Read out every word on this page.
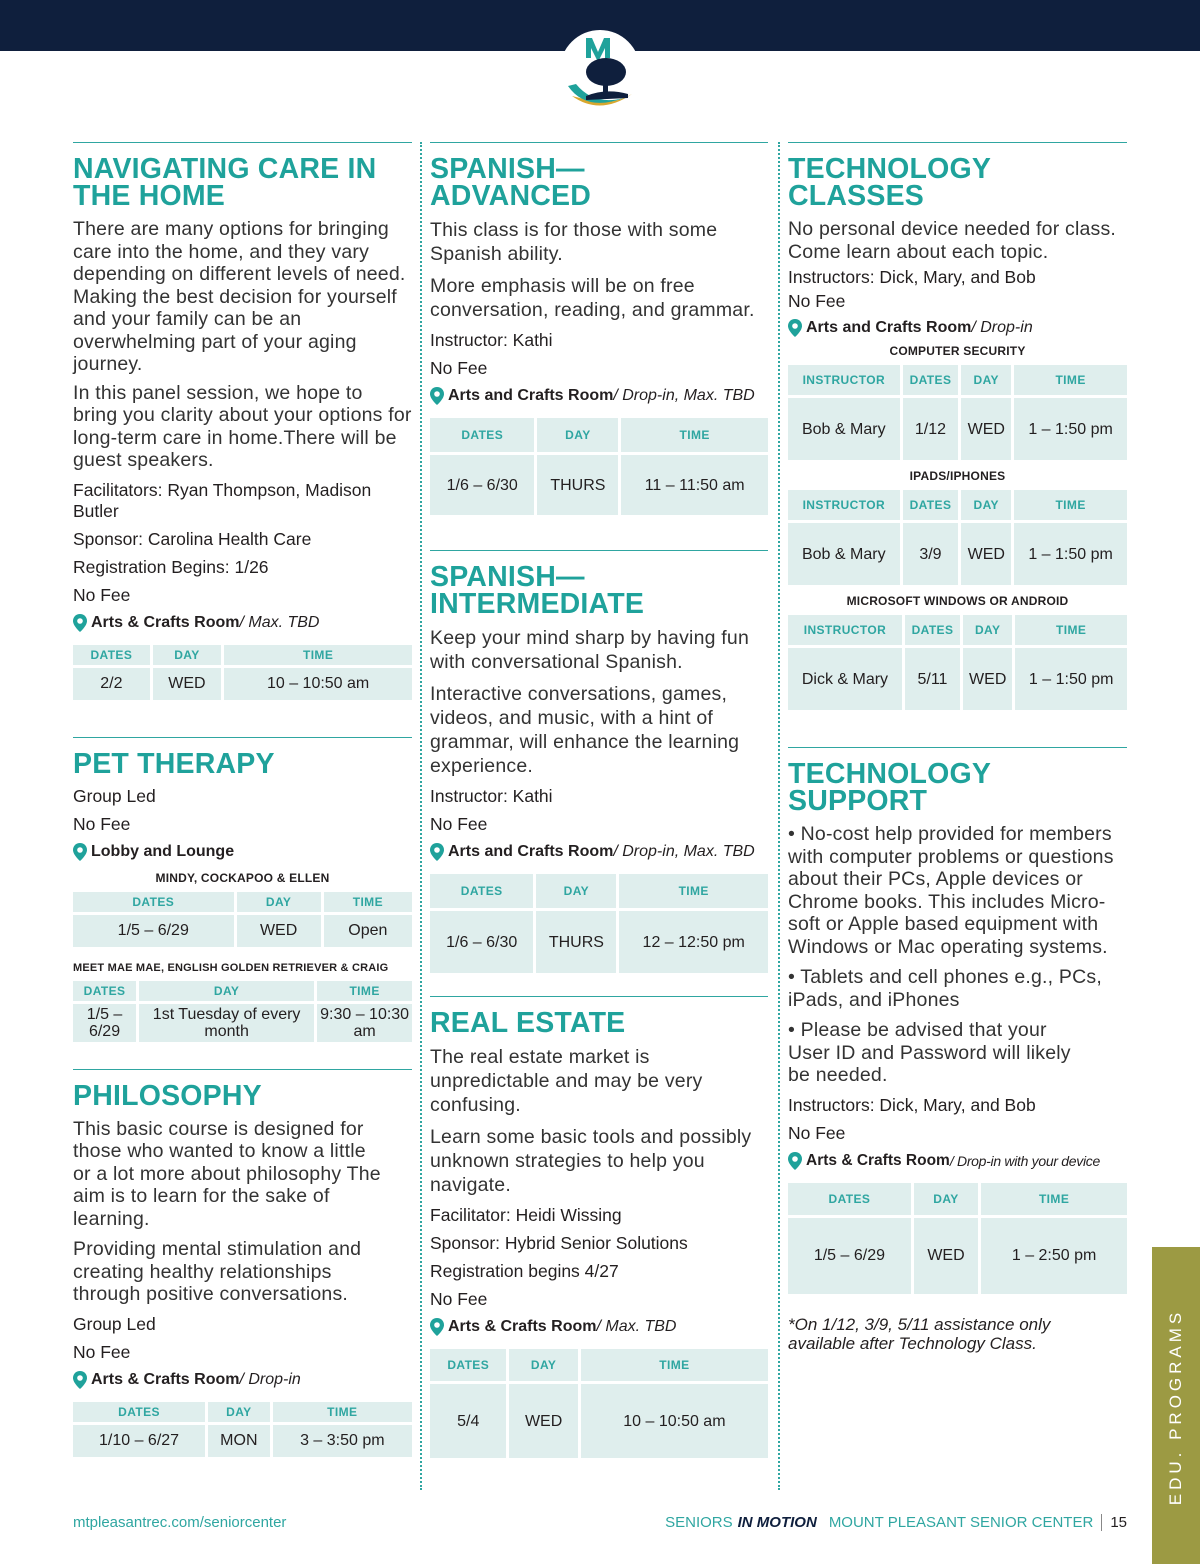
NAVIGATING CARE IN THE HOME

There are many options for bringing care into the home, and they vary depending on different levels of need. Making the best decision for yourself and your family can be an overwhelming part of your aging journey.

In this panel session, we hope to bring you clarity about your options for long-term care in home.There will be guest speakers.

Facilitators: Ryan Thompson, Madison Butler

Sponsor: Carolina Health Care

Registration Begins: 1/26

No Fee

Arts & Crafts Room / Max. TBD

DATES	DAY	TIME
2/2	WED	10 – 10:50 am
PET THERAPY

Group Led

No Fee

Lobby and Lounge

MINDY, COCKAPOO & ELLEN
DATES	DAY	TIME
1/5 – 6/29	WED	Open
MEET MAE MAE, ENGLISH GOLDEN RETRIEVER & CRAIG
DATES	DAY	TIME
1/5 – 6/29	1st Tuesday of every month	9:30 – 10:30 am
PHILOSOPHY

This basic course is designed for those who wanted to know a little or a lot more about philosophy The aim is to learn for the sake of learning.

Providing mental stimulation and creating healthy relationships through positive conversations.

Group Led

No Fee

Arts & Crafts Room / Drop-in

DATES	DAY	TIME
1/10 – 6/27	MON	3 – 3:50 pm
SPANISH— ADVANCED

This class is for those with some Spanish ability.

More emphasis will be on free conversation, reading, and grammar.

Instructor: Kathi

No Fee

Arts and Crafts Room / Drop-in, Max. TBD

DATES	DAY	TIME
1/6 – 6/30	THURS	11 – 11:50 am
SPANISH— INTERMEDIATE

Keep your mind sharp by having fun with conversational Spanish.

Interactive conversations, games, videos, and music, with a hint of grammar, will enhance the learning experience.

Instructor: Kathi

No Fee

Arts and Crafts Room / Drop-in, Max. TBD

DATES	DAY	TIME
1/6 – 6/30	THURS	12 – 12:50 pm
REAL ESTATE

The real estate market is unpredictable and may be very confusing.

Learn some basic tools and possibly unknown strategies to help you navigate.

Facilitator: Heidi Wissing

Sponsor: Hybrid Senior Solutions

Registration begins 4/27

No Fee

Arts & Crafts Room / Max. TBD

DATES	DAY	TIME
5/4	WED	10 – 10:50 am
TECHNOLOGY CLASSES

No personal device needed for class. Come learn about each topic.

Instructors: Dick, Mary, and Bob

No Fee

Arts and Crafts Room / Drop-in

COMPUTER SECURITY
INSTRUCTOR	DATES	DAY	TIME
Bob & Mary	1/12	WED	1 – 1:50 pm
IPADS/IPHONES
INSTRUCTOR	DATES	DAY	TIME
Bob & Mary	3/9	WED	1 – 1:50 pm
MICROSOFT WINDOWS OR ANDROID
INSTRUCTOR	DATES	DAY	TIME
Dick & Mary	5/11	WED	1 – 1:50 pm
TECHNOLOGY SUPPORT

• No-cost help provided for members with computer problems or questions about their PCs, Apple devices or Chrome books. This includes Micro-soft or Apple based equipment with Windows or Mac operating systems.

• Tablets and cell phones e.g., PCs, iPads, and iPhones

• Please be advised that your User ID and Password will likely be needed.

Instructors: Dick, Mary, and Bob

No Fee

Arts & Crafts Room / Drop-in with your device

DATES	DAY	TIME
1/5 – 6/29	WED	1 – 2:50 pm

*On 1/12, 3/9, 5/11 assistance only available after Technology Class.

mtpleasantrec.com/seniorcenter	SENIORS IN MOTION MOUNT PLEASANT SENIOR CENTER	15
EDU. PROGRAMS
